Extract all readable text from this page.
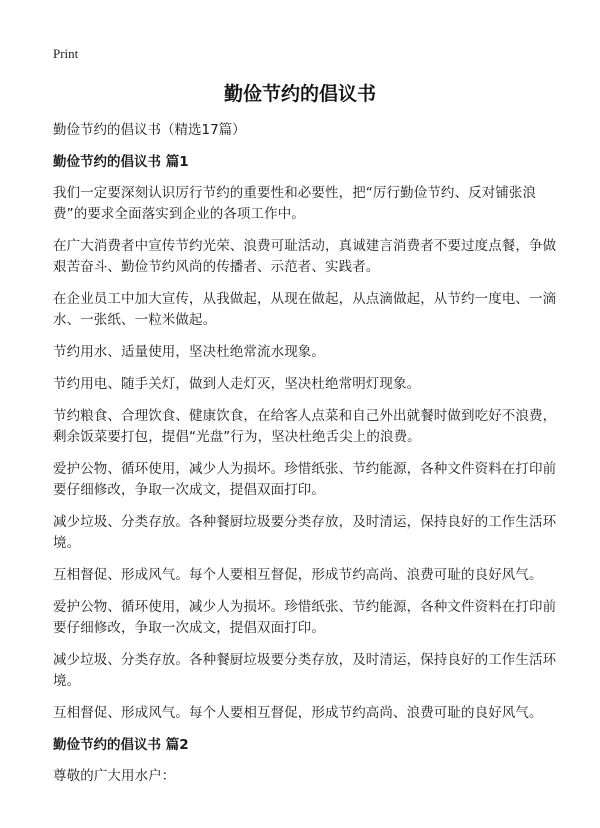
Print
勤俭节约的倡议书

勤俭节约的倡议书（精选17篇）

勤俭节约的倡议书 篇1

我们一定要深刻认识厉行节约的重要性和必要性，把“厉行勤俭节约、反对铺张浪费”的要求全面落实到企业的各项工作中。

在广大消费者中宣传节约光荣、浪费可耻活动，真诚建言消费者不要过度点餐，争做艰苦奋斗、勤俭节约风尚的传播者、示范者、实践者。

在企业员工中加大宣传，从我做起，从现在做起，从点滴做起，从节约一度电、一滴水、一张纸、一粒米做起。

节约用水、适量使用，坚决杜绝常流水现象。

节约用电、随手关灯，做到人走灯灭，坚决杜绝常明灯现象。

节约粮食、合理饮食、健康饮食，在给客人点菜和自己外出就餐时做到吃好不浪费，剩余饭菜要打包，提倡“光盘”行为，坚决杜绝舌尖上的浪费。

爱护公物、循环使用，减少人为损坏。珍惜纸张、节约能源，各种文件资料在打印前要仔细修改，争取一次成文，提倡双面打印。

减少垃圾、分类存放。各种餐厨垃圾要分类存放，及时清运，保持良好的工作生活环境。

互相督促、形成风气。每个人要相互督促，形成节约高尚、浪费可耻的良好风气。

爱护公物、循环使用，减少人为损坏。珍惜纸张、节约能源，各种文件资料在打印前要仔细修改，争取一次成文，提倡双面打印。

减少垃圾、分类存放。各种餐厨垃圾要分类存放，及时清运，保持良好的工作生活环境。

互相督促、形成风气。每个人要相互督促，形成节约高尚、浪费可耻的良好风气。

勤俭节约的倡议书 篇2

尊敬的广大用水户：
